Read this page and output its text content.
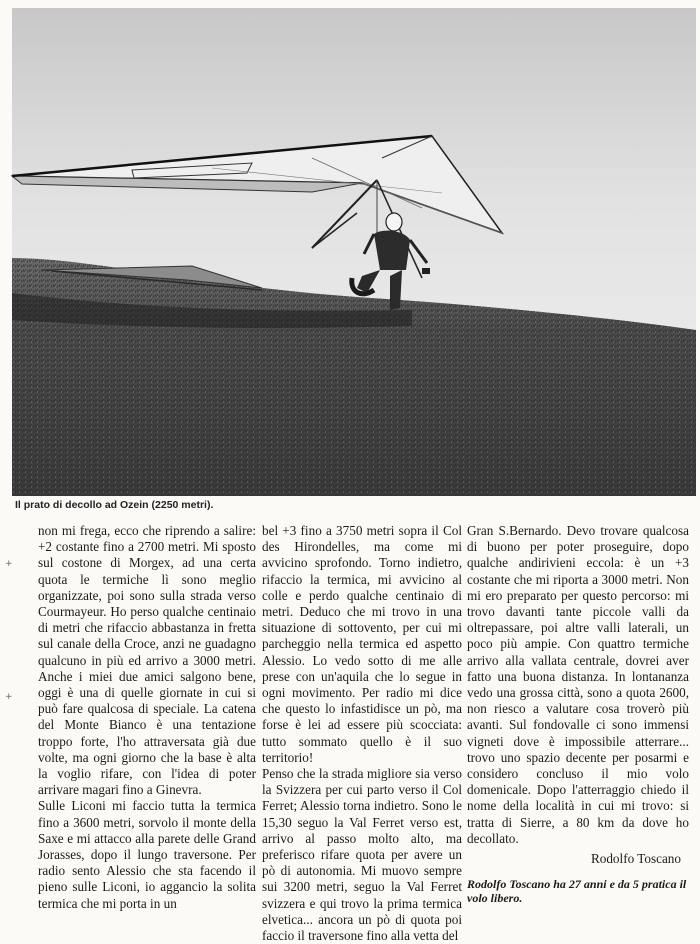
+
+
Il prato di decollo ad Ozein (2250 metri).

non mi frega, ecco che riprendo a salire: +2 costante fino a 2700 metri. Mi sposto sul costone di Morgex, ad una certa quota le termiche lì sono meglio organizzate, poi sono sulla strada verso Courmayeur. Ho perso qualche centinaio di metri che rifaccio abbastanza in fretta sul canale della Croce, anzi ne guadagno qualcuno in più ed arrivo a 3000 metri. Anche i miei due amici salgono bene, oggi è una di quelle giornate in cui si può fare qualcosa di speciale. La catena del Monte Bianco è una tentazione troppo forte, l'ho attraversata già due volte, ma ogni giorno che la base è alta la voglio rifare, con l'idea di poter arrivare magari fino a Ginevra.

Sulle Liconi mi faccio tutta la termica fino a 3600 metri, sorvolo il monte della Saxe e mi attacco alla parete delle Grand Jorasses, dopo il lungo traversone. Per radio sento Alessio che sta facendo il pieno sulle Liconi, io aggancio la solita termica che mi porta in un

bel +3 fino a 3750 metri sopra il Col des Hirondelles, ma come mi avvicino sprofondo. Torno indietro, rifaccio la termica, mi avvicino al colle e perdo qualche centinaio di metri. Deduco che mi trovo in una situazione di sottovento, per cui mi parcheggio nella termica ed aspetto Alessio. Lo vedo sotto di me alle prese con un'aquila che lo segue in ogni movimento. Per radio mi dice che questo lo infastidisce un pò, ma forse è lei ad essere più scocciata: tutto sommato quello è il suo territorio!

Penso che la strada migliore sia verso la Svizzera per cui parto verso il Col Ferret; Alessio torna indietro. Sono le 15,30 seguo la Val Ferret verso est, arrivo al passo molto alto, ma preferisco rifare quota per avere un pò di autonomia. Mi muovo sempre sui 3200 metri, seguo la Val Ferret svizzera e qui trovo la prima termica elvetica... ancora un pò di quota poi faccio il traversone fino alla vetta del

Gran S.Bernardo. Devo trovare qualcosa di buono per poter proseguire, dopo qualche andirivieni eccola: è un +3 costante che mi riporta a 3000 metri. Non mi ero preparato per questo percorso: mi trovo davanti tante piccole valli da oltrepassare, poi altre valli laterali, un poco più ampie. Con quattro termiche arrivo alla vallata centrale, dovrei aver fatto una buona distanza. In lontananza vedo una grossa città, sono a quota 2600, non riesco a valutare cosa troverò più avanti. Sul fondovalle ci sono immensi vigneti dove è impossibile atterrare... trovo uno spazio decente per posarmi e considero concluso il mio volo domenicale. Dopo l'atterraggio chiedo il nome della località in cui mi trovo: si tratta di Sierre, a 80 km da dove ho decollato.

Rodolfo Toscano

Rodolfo Toscano ha 27 anni e da 5 pratica il volo libero.
